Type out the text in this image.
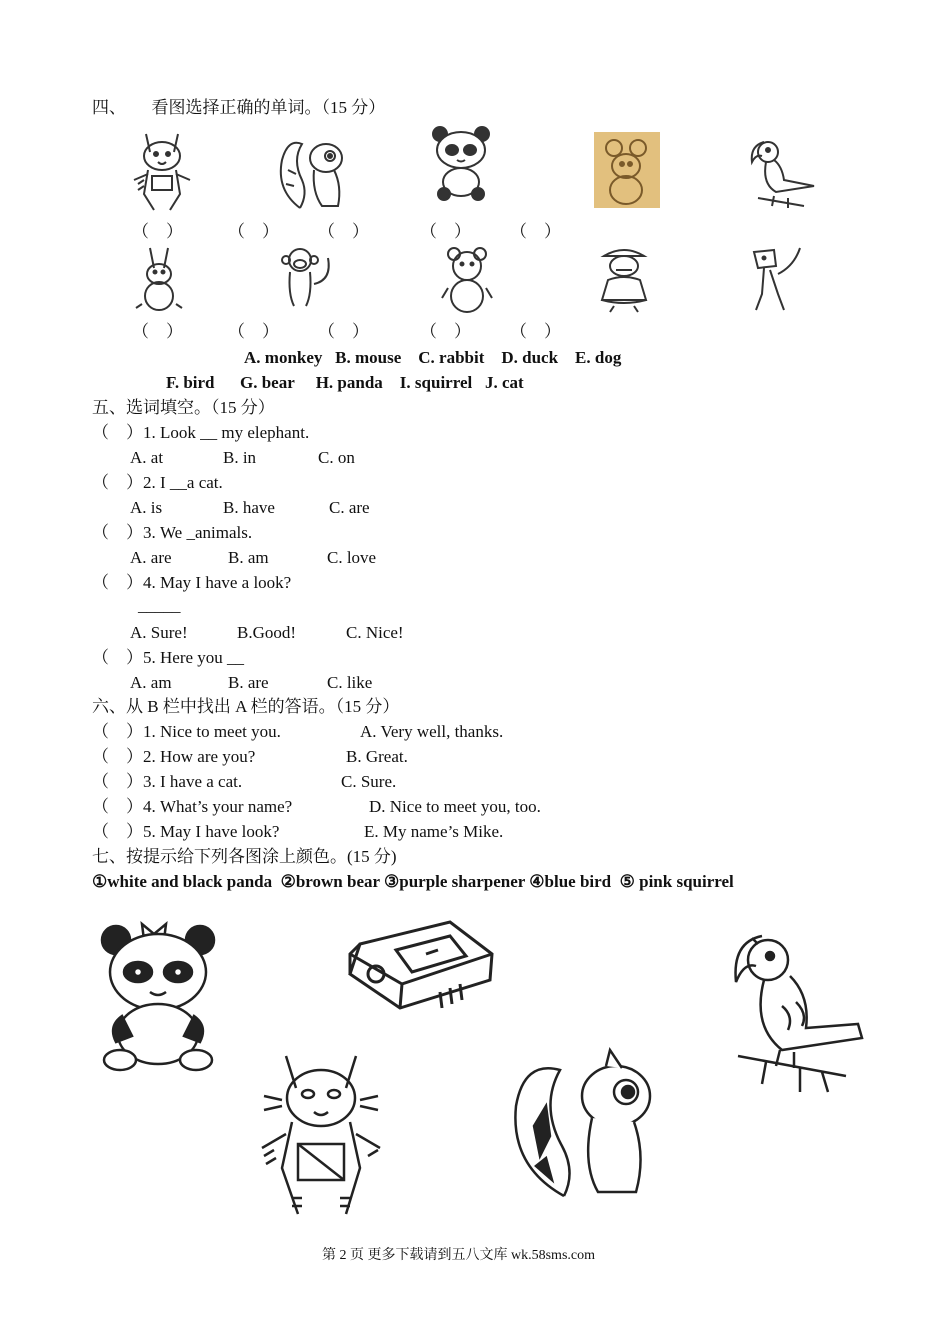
四、      看图选择正确的单词。（15 分）
（    ）	（    ） （    ）	（    ） （    ）
（    ）	（    ） （    ）	（    ） （    ）
A. monkey   B. mouse    C. rabbit    D. duck    E. dog
F. bird      G. bear     H. panda    I. squirrel   J. cat
五、选词填空。（15 分）
（    ）1. Look __ my elephant.
A. at	B. in	C. on
（    ）2. I __a cat.
A. is	B. have	C. are
（    ）3. We _animals.
A. are	B. am	C. love
（    ）4. May I have a look?
_____
A. Sure!	B.Good!	C. Nice!
（    ）5. Here you __
A. am	B. are	C. like
六、从 B 栏中找出 A 栏的答语。（15 分）
（    ）1. Nice to meet you.	A. Very well, thanks.
（    ）2. How are you?	B. Great.
（    ）3. I have a cat.	C. Sure.
（    ）4. What’s your name?	D. Nice to meet you, too.
（    ）5. May I have look?	E. My name’s Mike.
七、按提示给下列各图涂上颜色。(15 分)
①white and black panda  ②brown bear ③purple sharpener ④blue bird  ⑤ pink squirrel
第 2 页 更多下载请到五八文库 wk.58sms.com
